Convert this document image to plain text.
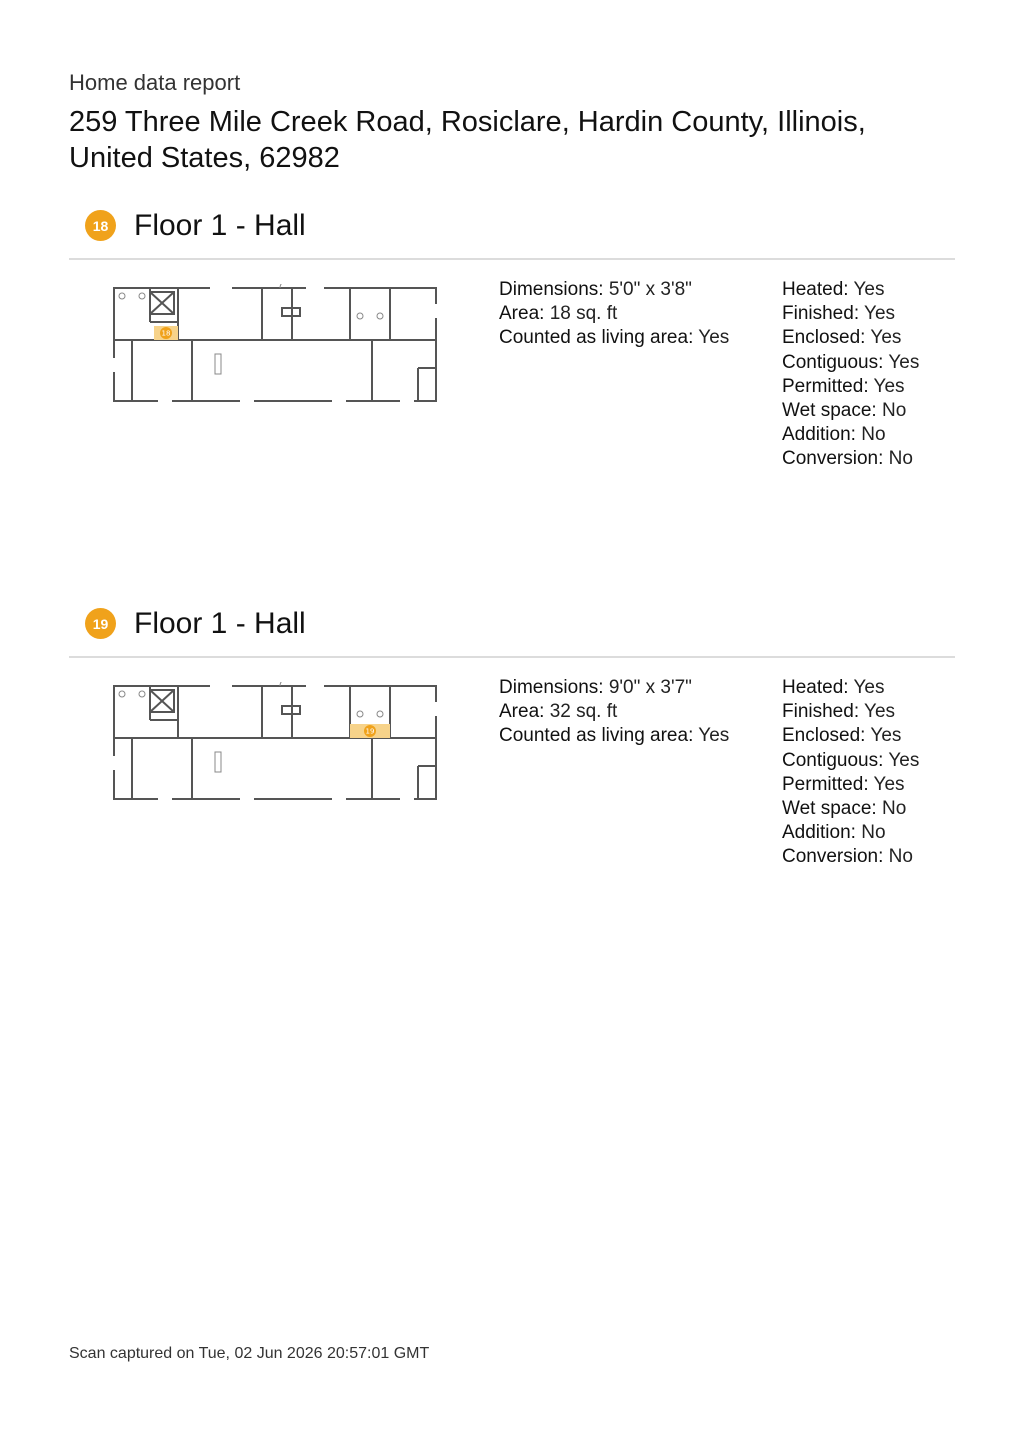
Home data report
259 Three Mile Creek Road, Rosiclare, Hardin County, Illinois, United States, 62982
18 Floor 1 - Hall
18
Dimensions : 5'0" x 3'8"
Area : 18 sq. ft
Counted as living area : Yes
Heated : Yes
Finished : Yes
Enclosed : Yes
Contiguous : Yes
Permitted : Yes
Wet space : No
Addition : No
Conversion : No
19 Floor 1 - Hall
19
Dimensions : 9'0" x 3'7"
Area : 32 sq. ft
Counted as living area : Yes
Heated : Yes
Finished : Yes
Enclosed : Yes
Contiguous : Yes
Permitted : Yes
Wet space : No
Addition : No
Conversion : No
Scan captured on Tue, 02 Jun 2026 20:57:01 GMT
